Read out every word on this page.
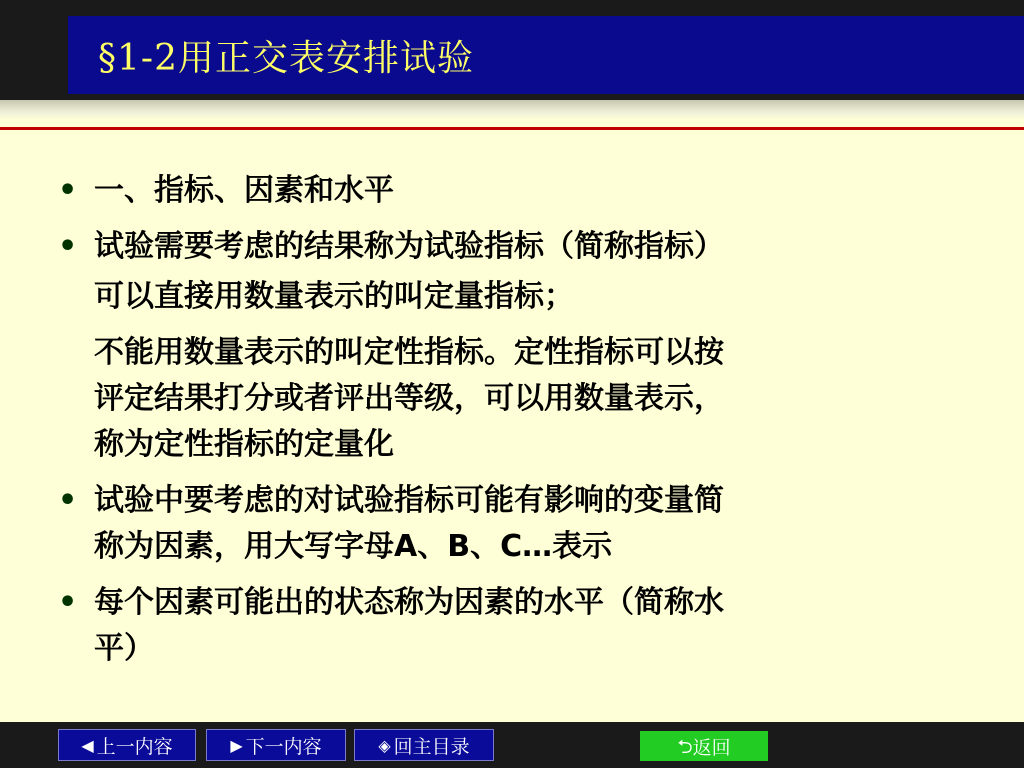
§1-2用正交表安排试验
• 一、指标、因素和水平
• 试验需要考虑的结果称为试验指标（简称指标）
可以直接用数量表示的叫定量指标；
不能用数量表示的叫定性指标。定性指标可以按
评定结果打分或者评出等级，可以用数量表示，
称为定性指标的定量化
• 试验中要考虑的对试验指标可能有影响的变量简
称为因素，用大写字母A、B、C…表示
• 每个因素可能出的状态称为因素的水平（简称水
平）
◀ 上一内容	▶ 下一内容	◈ 回主目录	⮌ 返回
